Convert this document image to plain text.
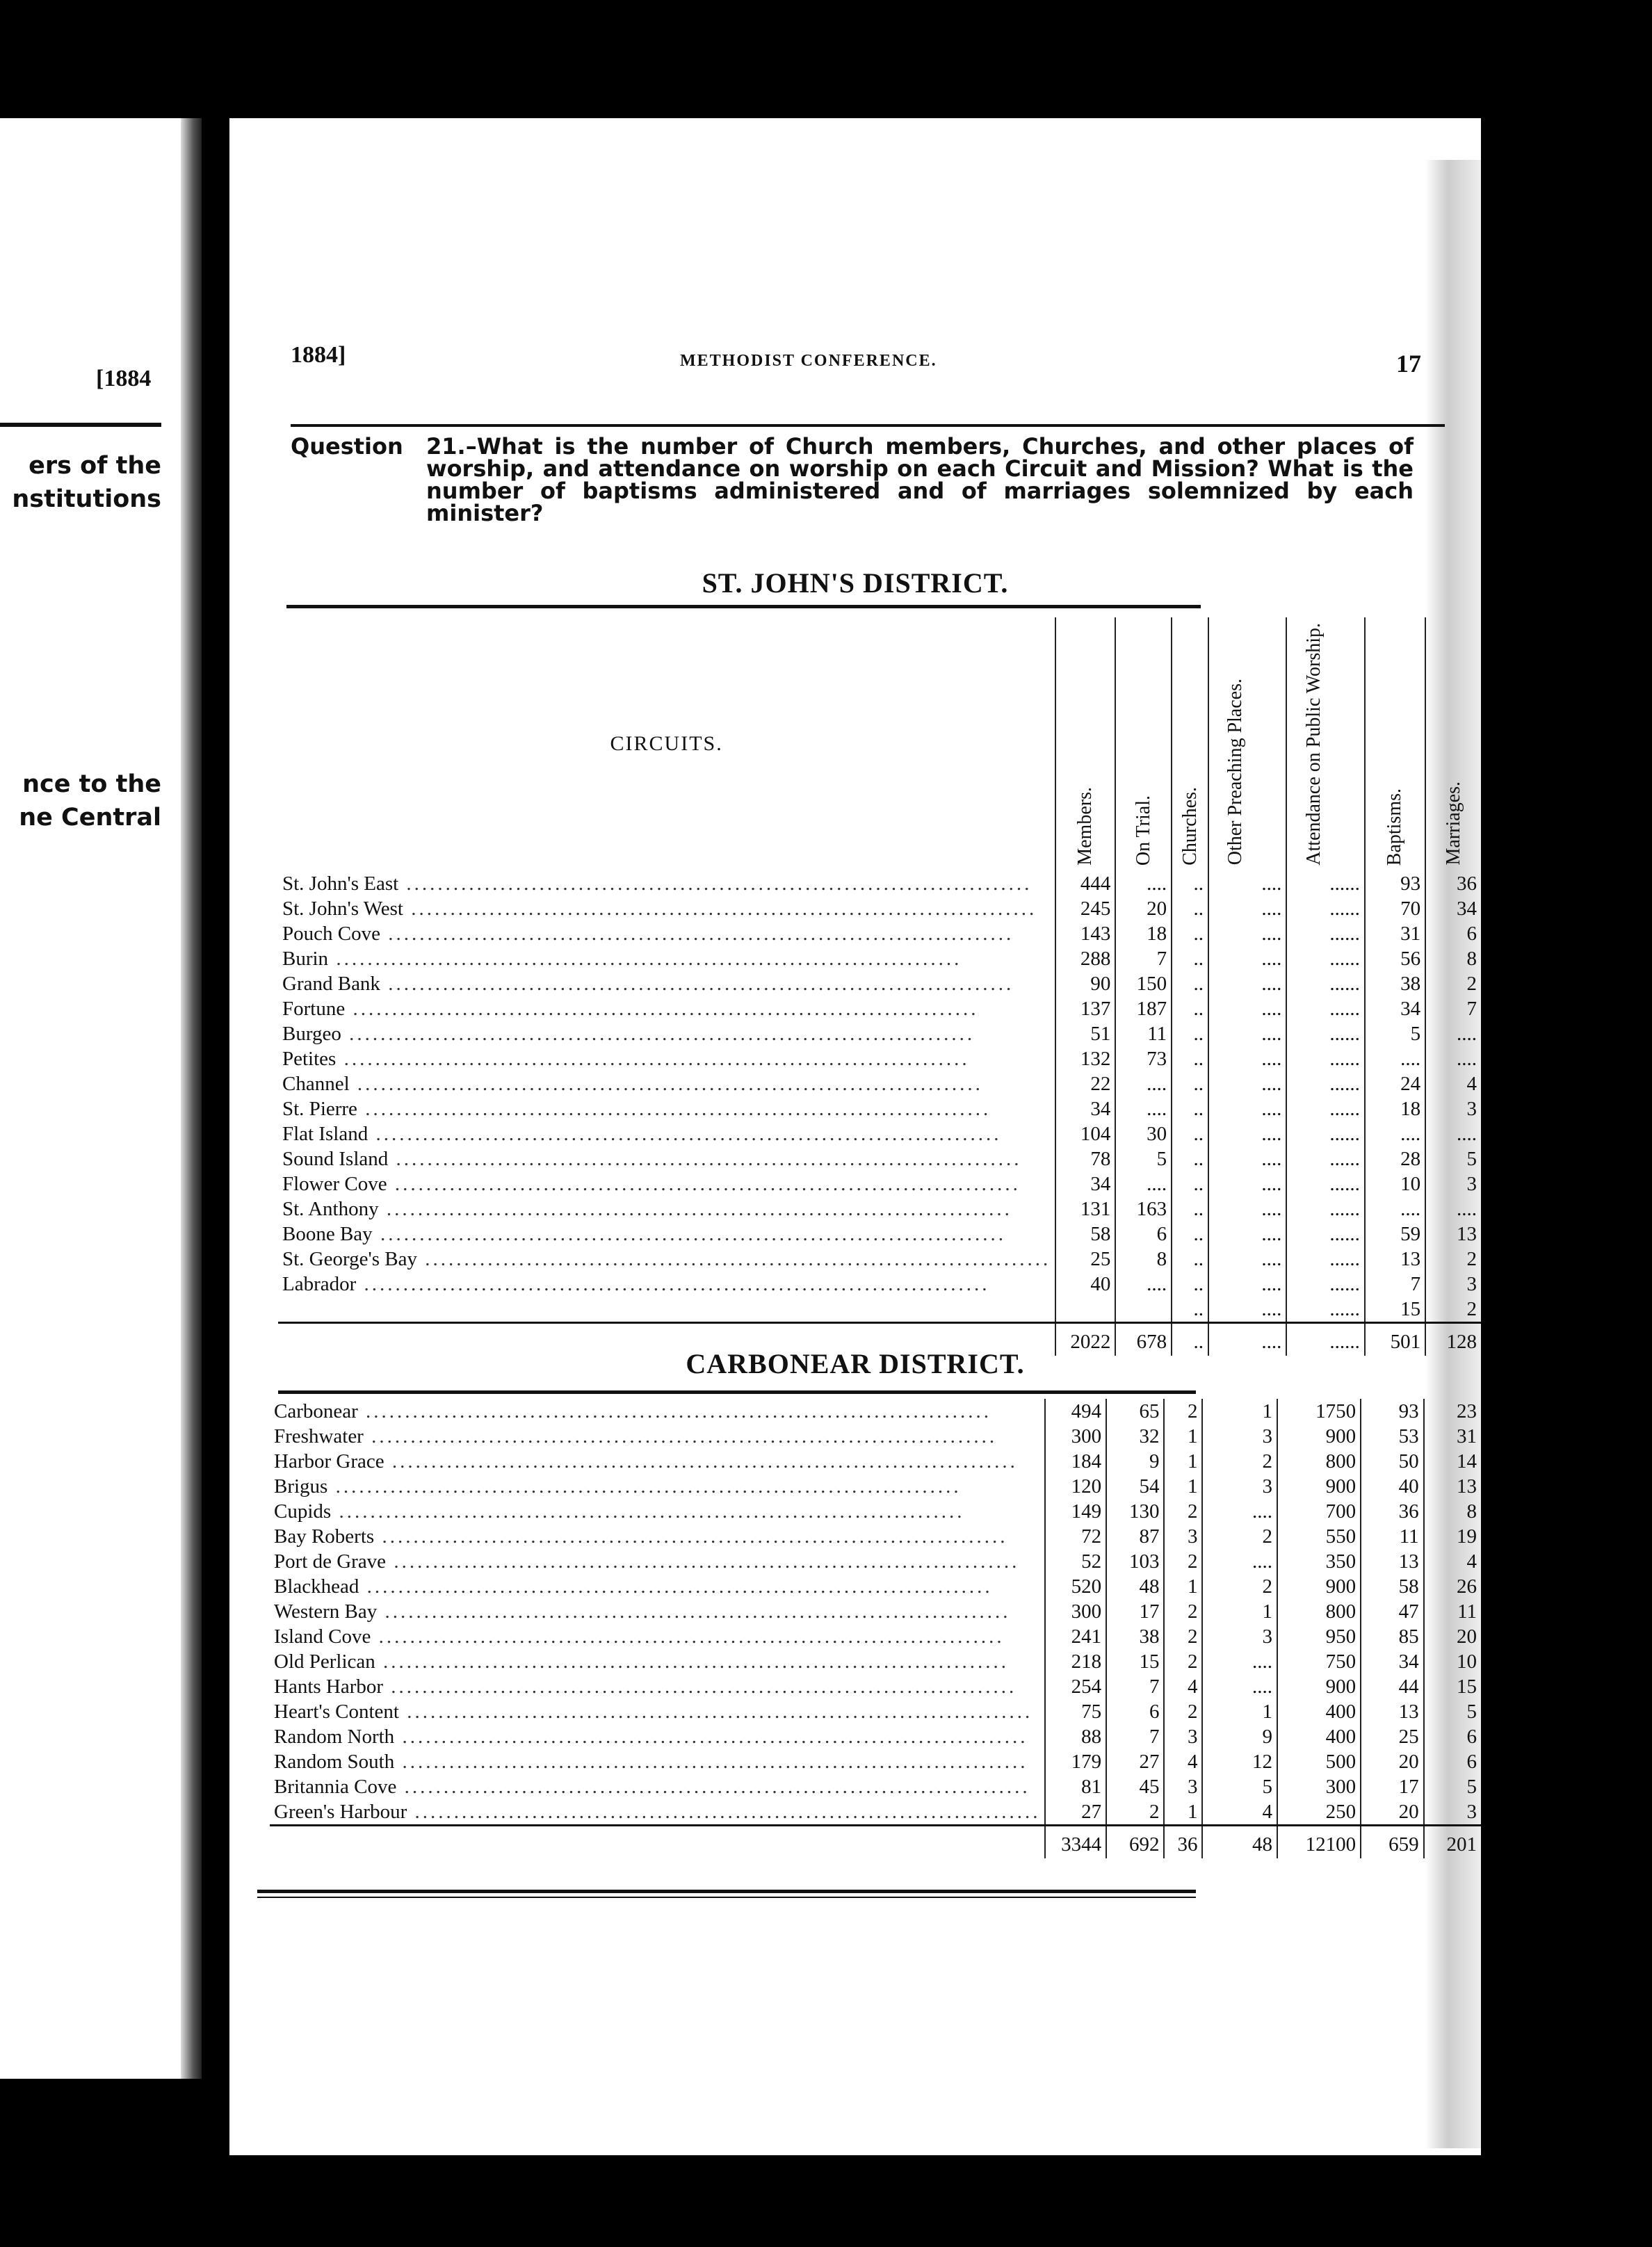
[1884
ers of the
nstitutions
nce to the
ne Central
1884]	METHODIST CONFERENCE.	17
Question 21.–What is the number of Church members, Churches, and other places of worship, and attendance on worship on each Circuit and Mission? What is the number of baptisms administered and of marriages solemnized by each minister?
ST. JOHN'S DISTRICT.
CIRCUITS.	Members.	On Trial.	Churches.	Other Preaching Places.	Attendance on Public Worship.	Baptisms.	Marriages.

St. John's East ................................................................................	444	....	..	....	......	93	36
St. John's West ................................................................................	245	20	..	....	......	70	34
Pouch Cove ................................................................................	143	18	..	....	......	31	6
Burin ................................................................................	288	7	..	....	......	56	8
Grand Bank ................................................................................	90	150	..	....	......	38	2
Fortune ................................................................................	137	187	..	....	......	34	7
Burgeo ................................................................................	51	11	..	....	......	5	....
Petites ................................................................................	132	73	..	....	......	....	....
Channel ................................................................................	22	....	..	....	......	24	4
St. Pierre ................................................................................	34	....	..	....	......	18	3
Flat Island ................................................................................	104	30	..	....	......	....	....
Sound Island ................................................................................	78	5	..	....	......	28	5
Flower Cove ................................................................................	34	....	..	....	......	10	3
St. Anthony ................................................................................	131	163	..	....	......	....	....
Boone Bay ................................................................................	58	6	..	....	......	59	13
St. George's Bay ................................................................................	25	8	..	....	......	13	2
Labrador ................................................................................	40	....	..	....	......	7	3
			..	....	......	15	2
	2022	678	..	....	......	501	128
CARBONEAR DISTRICT.
Carbonear ................................................................................	494	65	2	1	1750	93	23
Freshwater ................................................................................	300	32	1	3	900	53	31
Harbor Grace ................................................................................	184	9	1	2	800	50	14
Brigus ................................................................................	120	54	1	3	900	40	13
Cupids ................................................................................	149	130	2	....	700	36	8
Bay Roberts ................................................................................	72	87	3	2	550	11	19
Port de Grave ................................................................................	52	103	2	....	350	13	4
Blackhead ................................................................................	520	48	1	2	900	58	26
Western Bay ................................................................................	300	17	2	1	800	47	11
Island Cove ................................................................................	241	38	2	3	950	85	20
Old Perlican ................................................................................	218	15	2	....	750	34	10
Hants Harbor ................................................................................	254	7	4	....	900	44	15
Heart's Content ................................................................................	75	6	2	1	400	13	5
Random North ................................................................................	88	7	3	9	400	25	6
Random South ................................................................................	179	27	4	12	500	20	6
Britannia Cove ................................................................................	81	45	3	5	300	17	5
Green's Harbour ................................................................................	27	2	1	4	250	20	3
	3344	692	36	48	12100	659	201
